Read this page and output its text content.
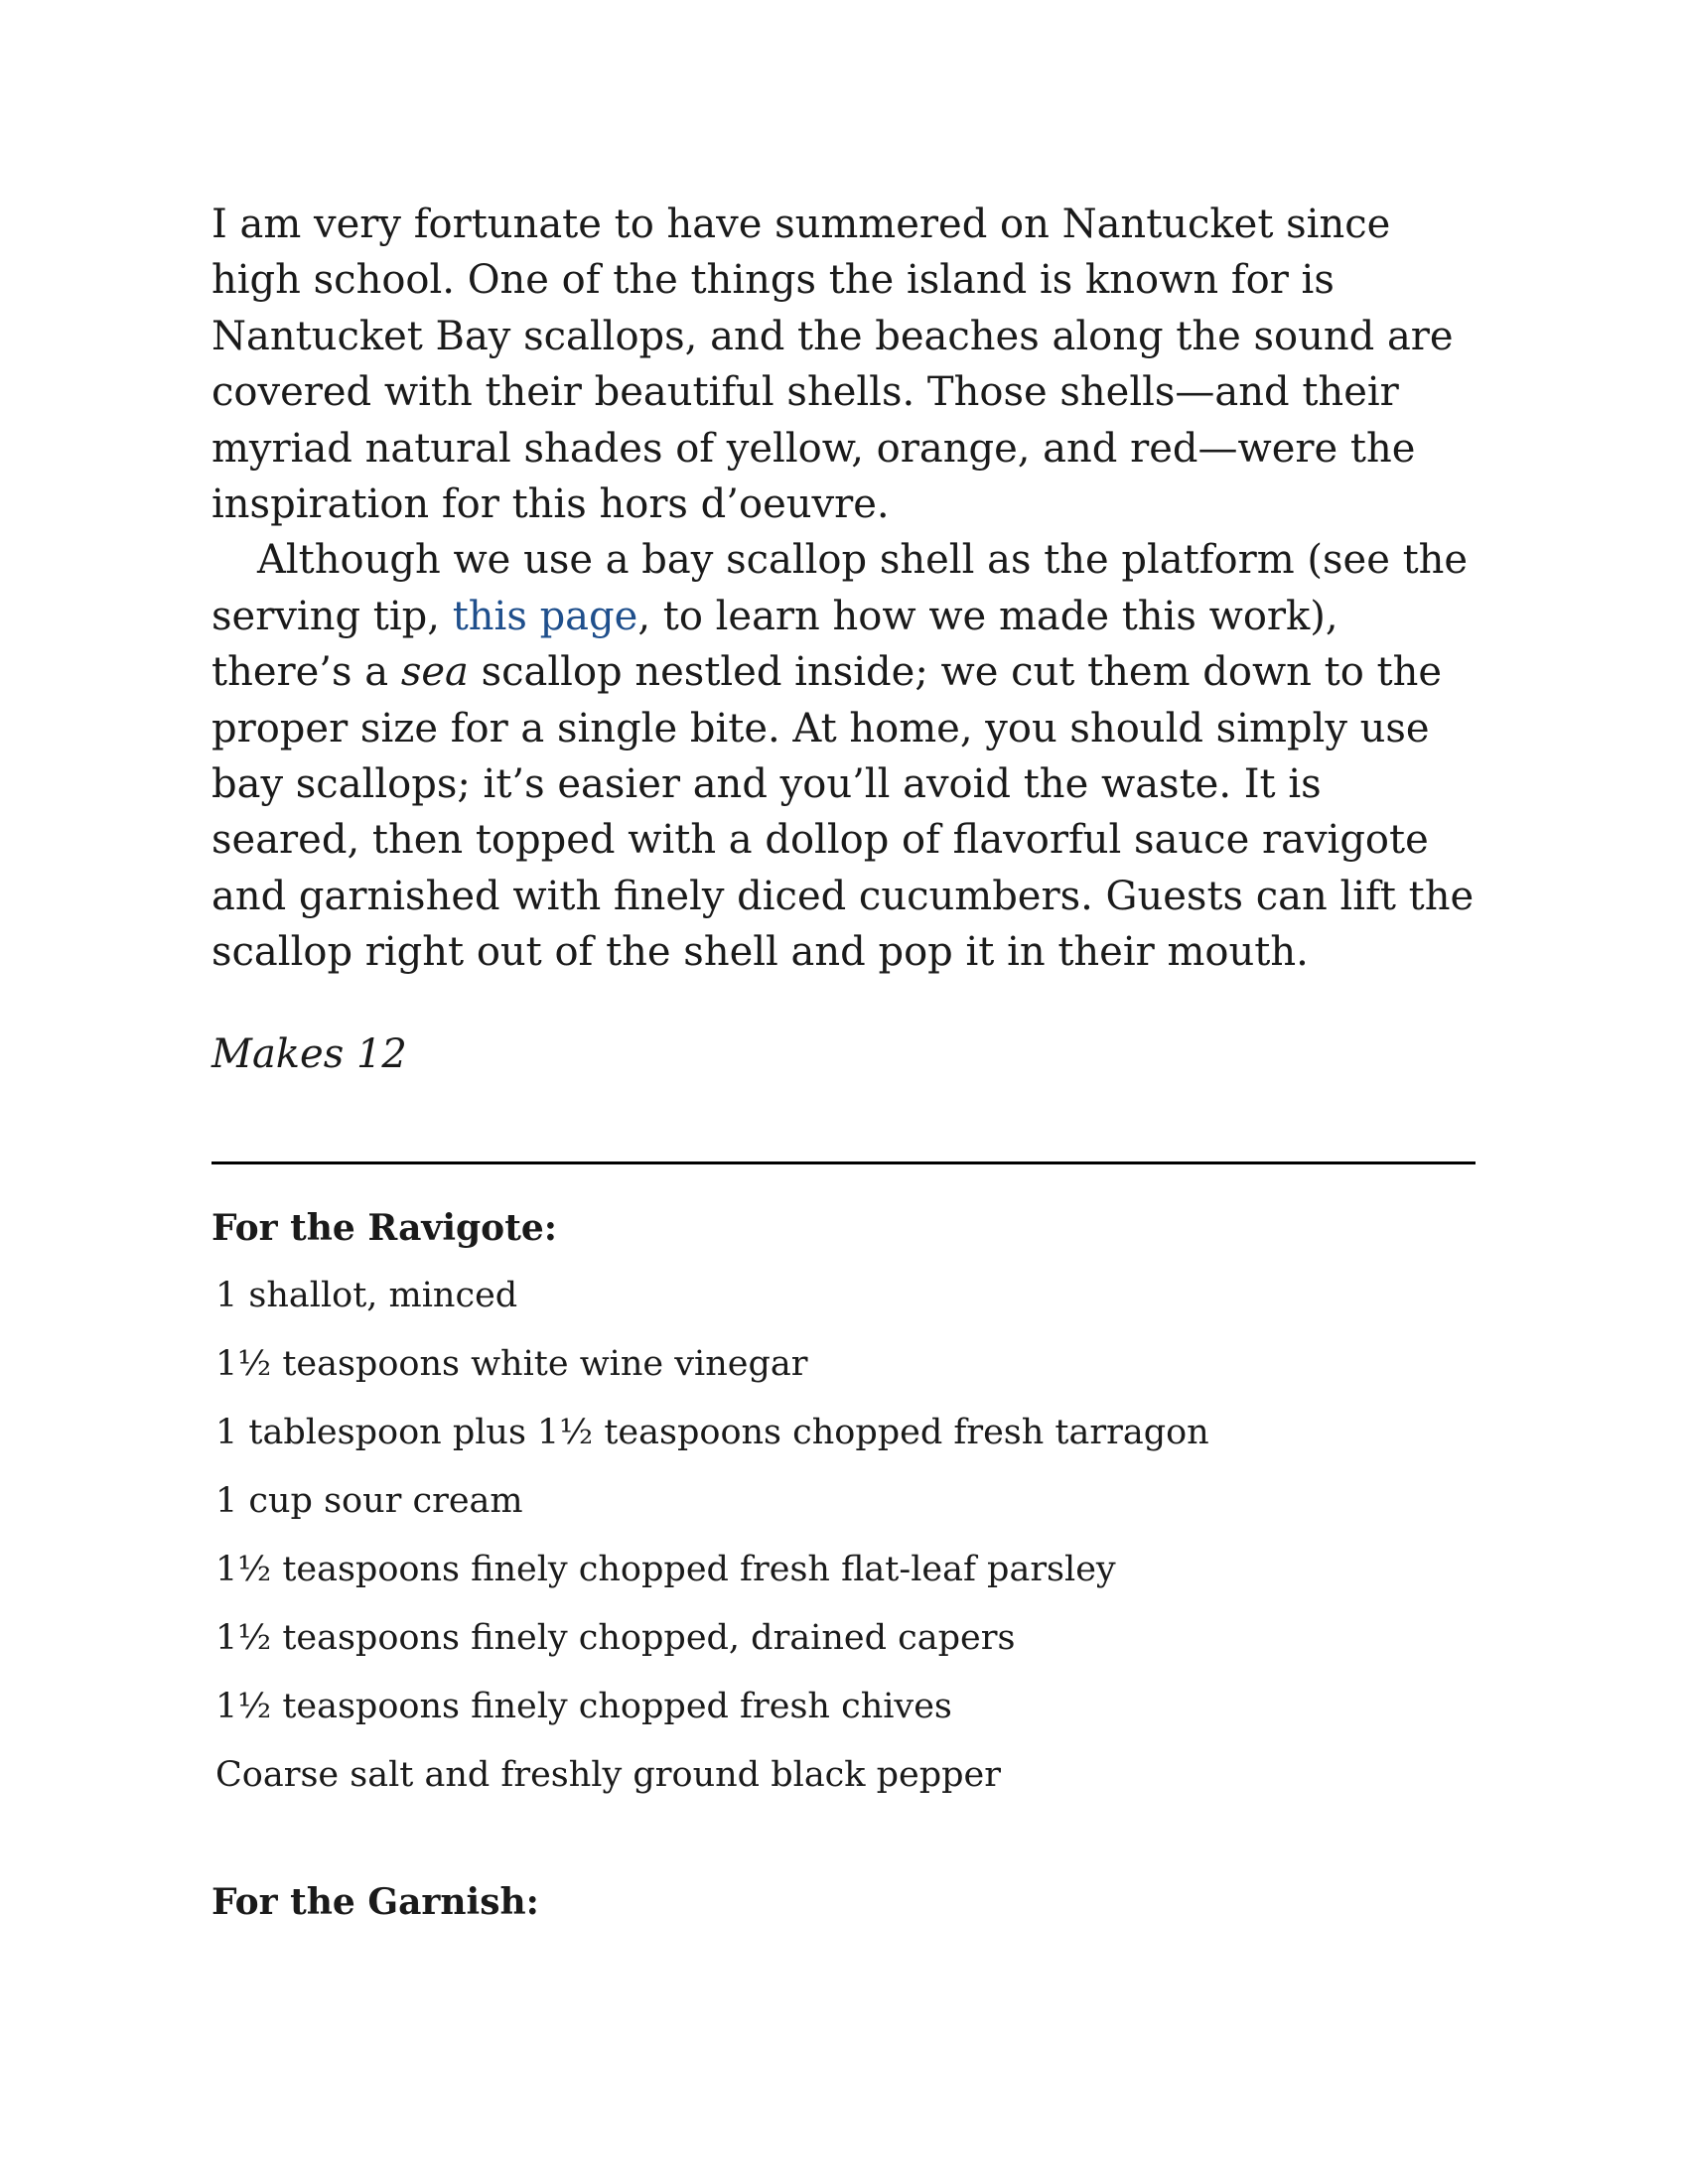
I am very fortunate to have summered on Nantucket since high school. One of the things the island is known for is Nantucket Bay scallops, and the beaches along the sound are covered with their beautiful shells. Those shells—and their myriad natural shades of yellow, orange, and red—were the inspiration for this hors d’oeuvre.

Although we use a bay scallop shell as the platform (see the serving tip, this page, to learn how we made this work), there’s a sea scallop nestled inside; we cut them down to the proper size for a single bite. At home, you should simply use bay scallops; it’s easier and you’ll avoid the waste. It is seared, then topped with a dollop of flavorful sauce ravigote and garnished with finely diced cucumbers. Guests can lift the scallop right out of the shell and pop it in their mouth.

Makes 12
For the Ravigote:
1 shallot, minced
1½ teaspoons white wine vinegar
1 tablespoon plus 1½ teaspoons chopped fresh tarragon
1 cup sour cream
1½ teaspoons finely chopped fresh flat-leaf parsley
1½ teaspoons finely chopped, drained capers
1½ teaspoons finely chopped fresh chives
Coarse salt and freshly ground black pepper
For the Garnish:
